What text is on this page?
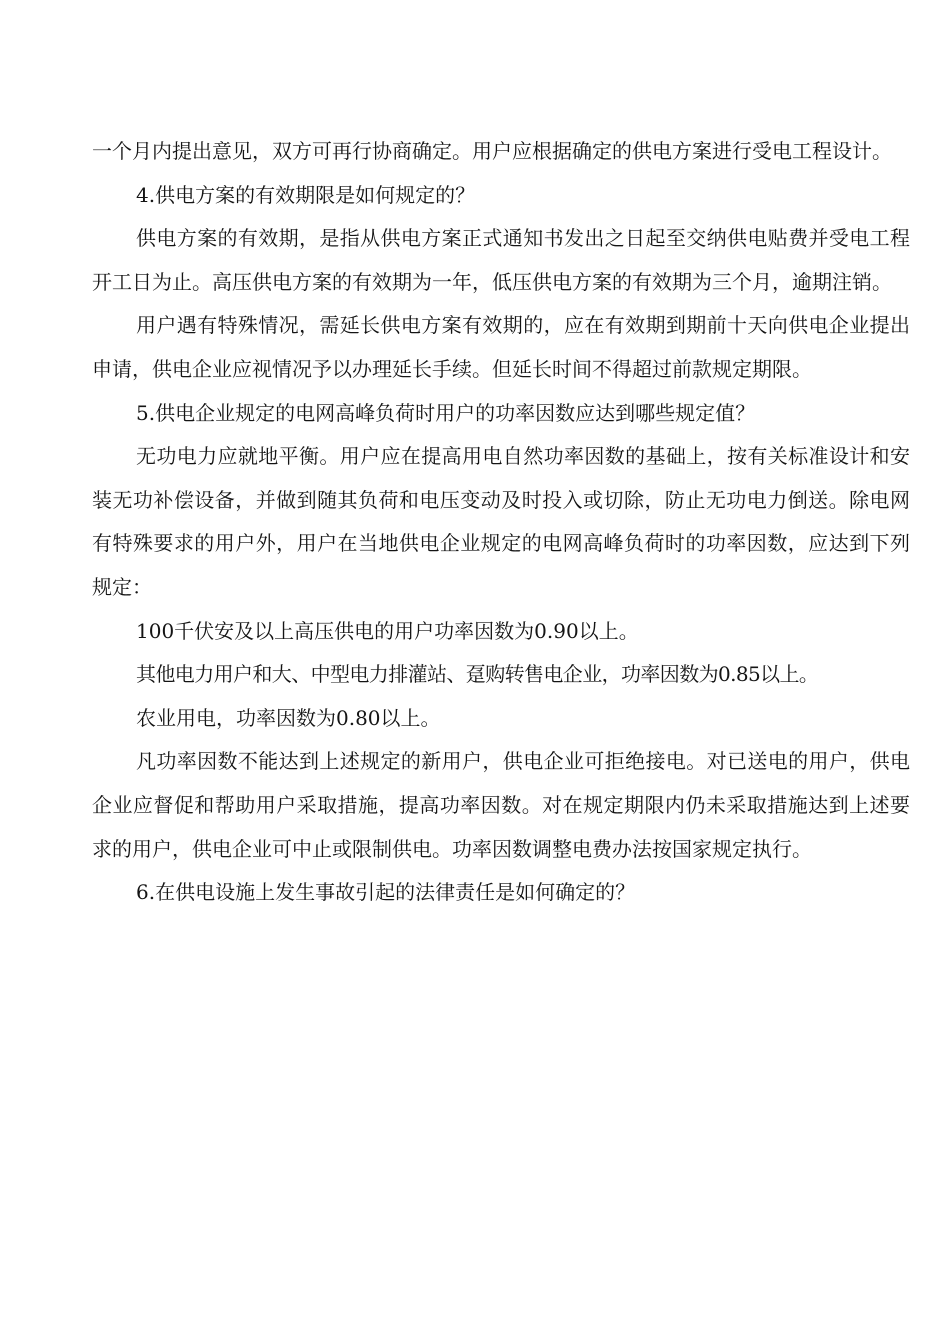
一个月内提出意见，双方可再行协商确定。用户应根据确定的供电方案进行受电工程设计。

4.供电方案的有效期限是如何规定的？

供电方案的有效期，是指从供电方案正式通知书发出之日起至交纳供电贴费并受电工程开工日为止。高压供电方案的有效期为一年，低压供电方案的有效期为三个月，逾期注销。

用户遇有特殊情况，需延长供电方案有效期的，应在有效期到期前十天向供电企业提出申请，供电企业应视情况予以办理延长手续。但延长时间不得超过前款规定期限。

5.供电企业规定的电网高峰负荷时用户的功率因数应达到哪些规定值？

无功电力应就地平衡。用户应在提高用电自然功率因数的基础上，按有关标准设计和安装无功补偿设备，并做到随其负荷和电压变动及时投入或切除，防止无功电力倒送。除电网有特殊要求的用户外，用户在当地供电企业规定的电网高峰负荷时的功率因数，应达到下列规定：

100千伏安及以上高压供电的用户功率因数为0.90以上。

其他电力用户和大、中型电力排灌站、趸购转售电企业，功率因数为0.85以上。

农业用电，功率因数为0.80以上。

凡功率因数不能达到上述规定的新用户，供电企业可拒绝接电。对已送电的用户，供电企业应督促和帮助用户采取措施，提高功率因数。对在规定期限内仍未采取措施达到上述要求的用户，供电企业可中止或限制供电。功率因数调整电费办法按国家规定执行。

6.在供电设施上发生事故引起的法律责任是如何确定的？
